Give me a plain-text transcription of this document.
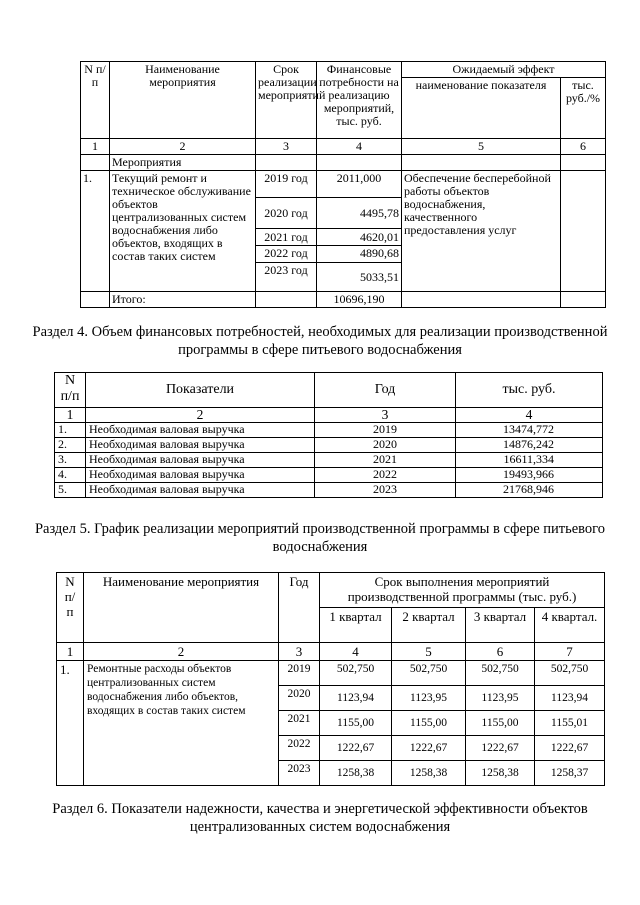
N п/п	Наименование мероприятия	Срок реализации мероприятий	Финансовые потребности на реализацию мероприятий, тыс. руб.	Ожидаемый эффект	
				наименование показателя	тыс. руб./%
1	2	3	4	5	6
	Мероприятия				
1.	Текущий ремонт и техническое обслуживание объектов централизованных систем водоснабжения либо объектов, входящих в состав таких систем	2019 год	2011,000	Обеспечение бесперебойной работы объектов водоснабжения, качественного предоставления услуг	
		2020 год	4495,78		
		2021 год	4620,01		
		2022 год	4890,68		
		2023 год	5033,51		
	Итого:		10696,190		
Раздел 4. Объем финансовых потребностей, необходимых для реализации производственной программы в сфере питьевого водоснабжения
N п/п	Показатели	Год	тыс. руб.
1	2	3	4
1.	Необходимая валовая выручка	2019	13474,772
2.	Необходимая валовая выручка	2020	14876,242
3.	Необходимая валовая выручка	2021	16611,334
4.	Необходимая валовая выручка	2022	19493,966
5.	Необходимая валовая выручка	2023	21768,946
Раздел 5. График реализации мероприятий производственной программы в сфере питьевого водоснабжения
N п/ п	Наименование мероприятия	Год	Срок выполнения мероприятий производственной программы (тыс. руб.)			
			1 квартал	2 квартал	3 квартал	4 квартал.
1	2	3	4	5	6	7
1.	Ремонтные расходы объектов централизованных систем водоснабжения либо объектов, входящих в состав таких систем	2019	502,750	502,750	502,750	502,750
		2020	1123,94	1123,95	1123,95	1123,94
		2021	1155,00	1155,00	1155,00	1155,01
		2022	1222,67	1222,67	1222,67	1222,67
		2023	1258,38	1258,38	1258,38	1258,37
Раздел 6. Показатели надежности, качества и энергетической эффективности объектов централизованных систем водоснабжения
